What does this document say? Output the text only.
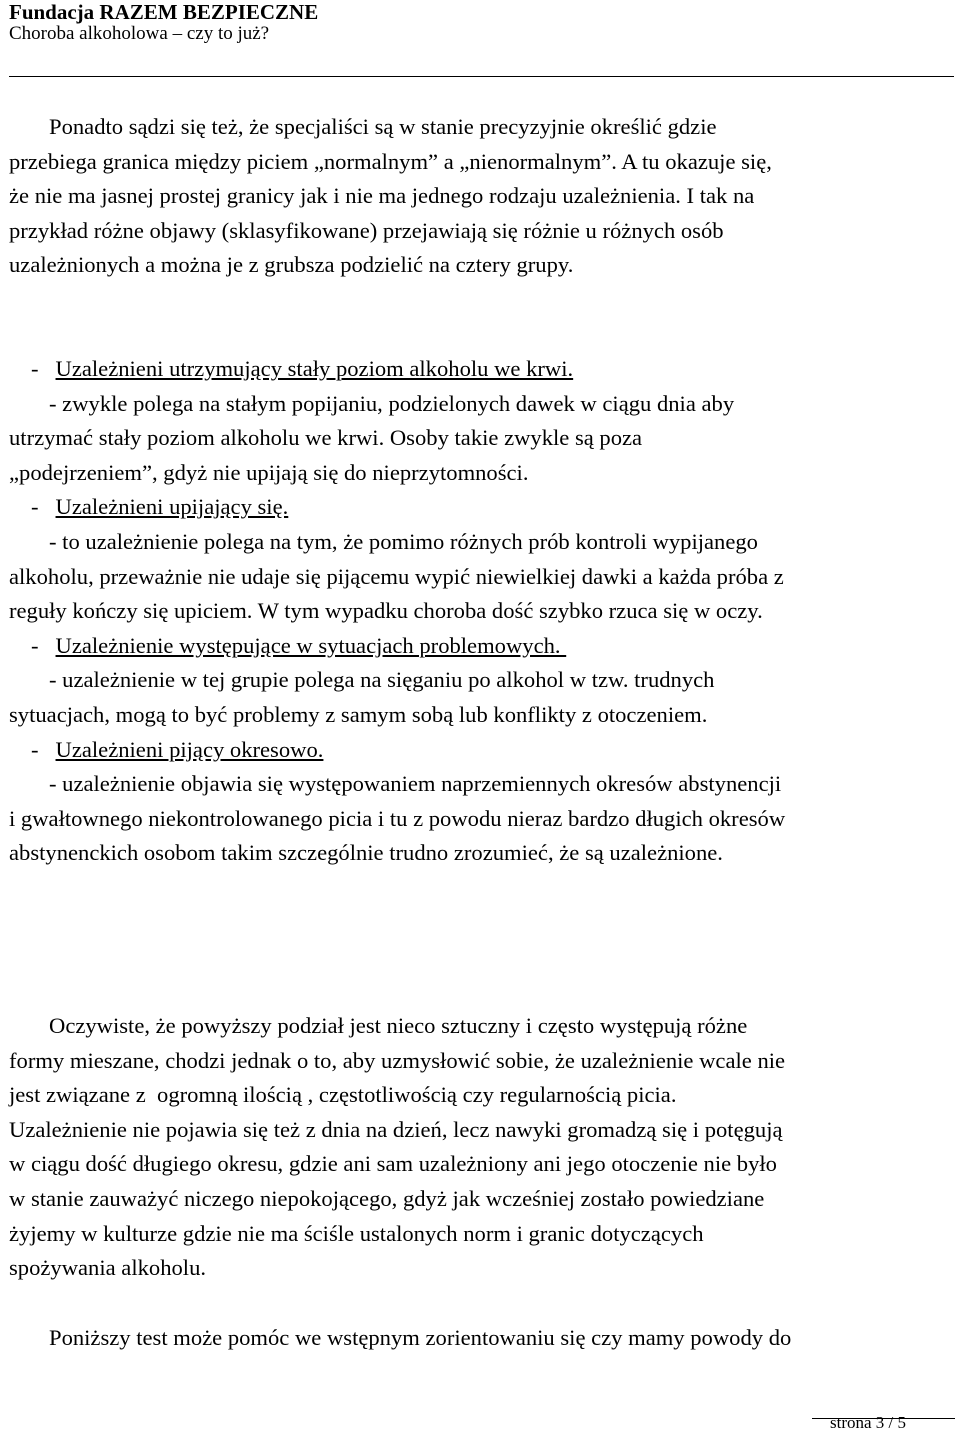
Fundacja RAZEM BEZPIECZNE
Choroba alkoholowa – czy to już?
Ponadto sądzi się też, że specjaliści są w stanie precyzyjnie określić gdzie
przebiega granica między piciem „normalnym” a „nienormalnym”. A tu okazuje się,
że nie ma jasnej prostej granicy jak i nie ma jednego rodzaju uzależnienia. I tak na
przykład różne objawy (sklasyfikowane) przejawiają się różnie u różnych osób
uzależnionych a można je z grubsza podzielić na cztery grupy.
- Uzależnieni utrzymujący stały poziom alkoholu we krwi.
- zwykle polega na stałym popijaniu, podzielonych dawek w ciągu dnia aby
utrzymać stały poziom alkoholu we krwi. Osoby takie zwykle są poza
„podejrzeniem”, gdyż nie upijają się do nieprzytomności.
- Uzależnieni upijający się.
- to uzależnienie polega na tym, że pomimo różnych prób kontroli wypijanego
alkoholu, przeważnie nie udaje się pijącemu wypić niewielkiej dawki a każda próba z
reguły kończy się upiciem. W tym wypadku choroba dość szybko rzuca się w oczy.
- Uzależnienie występujące w sytuacjach problemowych.
- uzależnienie w tej grupie polega na sięganiu po alkohol w tzw. trudnych
sytuacjach, mogą to być problemy z samym sobą lub konflikty z otoczeniem.
- Uzależnieni pijący okresowo.
- uzależnienie objawia się występowaniem naprzemiennych okresów abstynencji
i gwałtownego niekontrolowanego picia i tu z powodu nieraz bardzo długich okresów
abstynenckich osobom takim szczególnie trudno zrozumieć, że są uzależnione.
Oczywiste, że powyższy podział jest nieco sztuczny i często występują różne
formy mieszane, chodzi jednak o to, aby uzmysłowić sobie, że uzależnienie wcale nie
jest związane z  ogromną ilością , częstotliwością czy regularnością picia.
Uzależnienie nie pojawia się też z dnia na dzień, lecz nawyki gromadzą się i potęgują
w ciągu dość długiego okresu, gdzie ani sam uzależniony ani jego otoczenie nie było
w stanie zauważyć niczego niepokojącego, gdyż jak wcześniej zostało powiedziane
żyjemy w kulturze gdzie nie ma ściśle ustalonych norm i granic dotyczących
spożywania alkoholu.
Poniższy test może pomóc we wstępnym zorientowaniu się czy mamy powody do
strona 3 / 5
